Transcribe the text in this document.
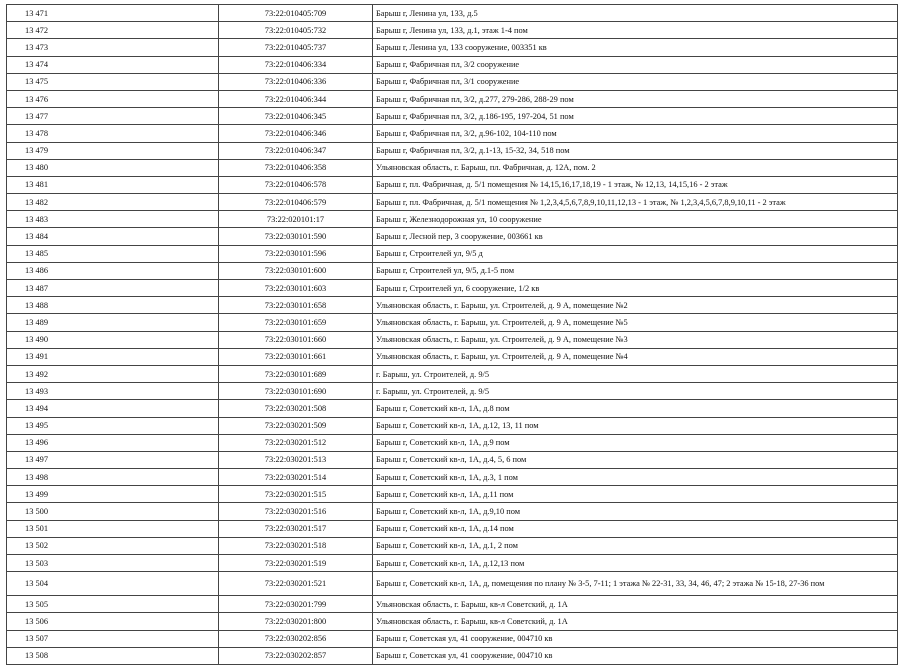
13 471	73:22:010405:709	Барыш г, Ленина ул, 133, д.5
13 472	73:22:010405:732	Барыш г, Ленина ул, 133, д.1, этаж 1-4 пом
13 473	73:22:010405:737	Барыш г, Ленина ул, 133 сооружение, 003351 кв
13 474	73:22:010406:334	Барыш г, Фабричная пл, 3/2 сооружение
13 475	73:22:010406:336	Барыш г, Фабричная пл, 3/1 сооружение
13 476	73:22:010406:344	Барыш г, Фабричная пл, 3/2, д.277, 279-286, 288-29 пом
13 477	73:22:010406:345	Барыш г, Фабричная пл, 3/2, д.186-195, 197-204, 51 пом
13 478	73:22:010406:346	Барыш г, Фабричная пл, 3/2, д.96-102, 104-110 пом
13 479	73:22:010406:347	Барыш г, Фабричная пл, 3/2, д.1-13, 15-32, 34, 518 пом
13 480	73:22:010406:358	Ульяновская область, г. Барыш, пл. Фабричная, д. 12А, пом. 2
13 481	73:22:010406:578	Барыш г, пл. Фабричная, д. 5/1 помещения № 14,15,16,17,18,19 - 1 этаж, № 12,13, 14,15,16 - 2 этаж
13 482	73:22:010406:579	Барыш г, пл. Фабричная, д. 5/1 помещения № 1,2,3,4,5,6,7,8,9,10,11,12,13 - 1 этаж, № 1,2,3,4,5,6,7,8,9,10,11 - 2 этаж
13 483	73:22:020101:17	Барыш г, Железнодорожная ул, 10 сооружение
13 484	73:22:030101:590	Барыш г, Лесной пер, 3 сооружение, 003661 кв
13 485	73:22:030101:596	Барыш г, Строителей ул, 9/5 д
13 486	73:22:030101:600	Барыш г, Строителей ул, 9/5, д.1-5 пом
13 487	73:22:030101:603	Барыш г, Строителей ул, 6 сооружение, 1/2 кв
13 488	73:22:030101:658	Ульяновская область, г. Барыш, ул. Строителей, д. 9 А, помещение №2
13 489	73:22:030101:659	Ульяновская область, г. Барыш, ул. Строителей, д. 9 А, помещение №5
13 490	73:22:030101:660	Ульяновская область, г. Барыш, ул. Строителей, д. 9 А, помещение №3
13 491	73:22:030101:661	Ульяновская область, г. Барыш, ул. Строителей, д. 9 А, помещение №4
13 492	73:22:030101:689	г. Барыш, ул. Строителей, д. 9/5
13 493	73:22:030101:690	г. Барыш, ул. Строителей, д. 9/5
13 494	73:22:030201:508	Барыш г, Советский кв-л, 1А, д.8 пом
13 495	73:22:030201:509	Барыш г, Советский кв-л, 1А, д.12, 13, 11 пом
13 496	73:22:030201:512	Барыш г, Советский кв-л, 1А, д.9 пом
13 497	73:22:030201:513	Барыш г, Советский кв-л, 1А, д.4, 5, 6 пом
13 498	73:22:030201:514	Барыш г, Советский кв-л, 1А, д.3, 1 пом
13 499	73:22:030201:515	Барыш г, Советский кв-л, 1А, д.11 пом
13 500	73:22:030201:516	Барыш г, Советский кв-л, 1А, д.9,10 пом
13 501	73:22:030201:517	Барыш г, Советский кв-л, 1А, д.14 пом
13 502	73:22:030201:518	Барыш г, Советский кв-л, 1А, д.1, 2 пом
13 503	73:22:030201:519	Барыш г, Советский кв-л, 1А, д.12,13 пом
13 504	73:22:030201:521	Барыш г, Советский кв-л, 1А, д, помещения по плану № 3-5, 7-11; 1 этажа № 22-31, 33, 34, 46, 47; 2 этажа № 15-18, 27-36 пом
13 505	73:22:030201:799	Ульяновская область, г. Барыш, кв-л Советский, д. 1А
13 506	73:22:030201:800	Ульяновская область, г. Барыш, кв-л Советский, д. 1А
13 507	73:22:030202:856	Барыш г, Советская ул, 41 сооружение, 004710 кв
13 508	73:22:030202:857	Барыш г, Советская ул, 41 сооружение, 004710 кв
